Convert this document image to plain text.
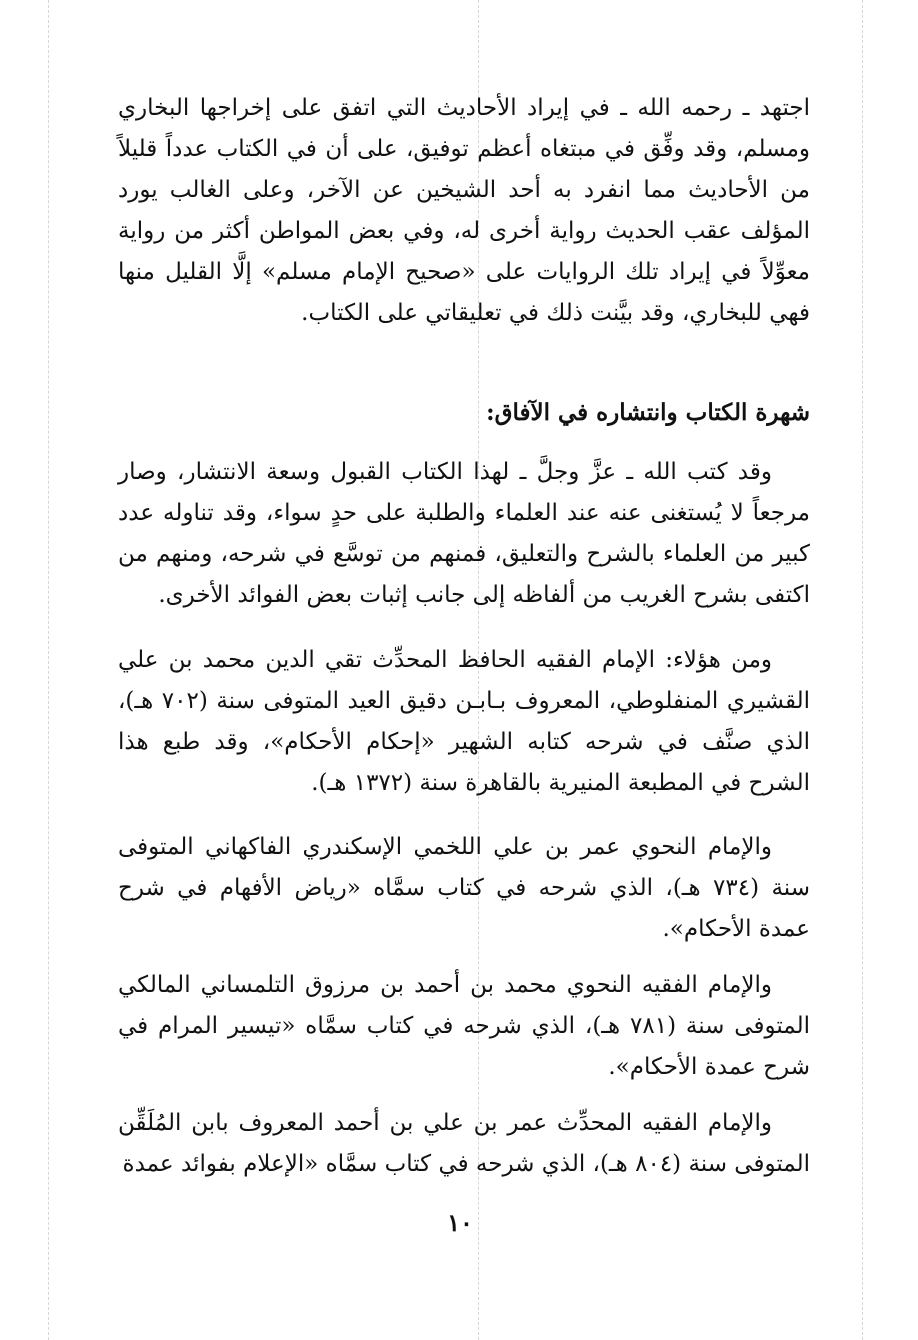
اجتهد ـ رحمه الله ـ في إيراد الأحاديث التي اتفق على إخراجها البخاري ومسلم، وقد وفِّق في مبتغاه أعظم توفيق، على أن في الكتاب عدداً قليلاً من الأحاديث مما انفرد به أحد الشيخين عن الآخر، وعلى الغالب يورد المؤلف عقب الحديث رواية أخرى له، وفي بعض المواطن أكثر من رواية معوِّلاً في إيراد تلك الروايات على «صحيح الإمام مسلم» إلَّا القليل منها فهي للبخاري، وقد بيَّنت ذلك في تعليقاتي على الكتاب.

شهرة الكتاب وانتشاره في الآفاق:

وقد كتب الله ـ عزَّ وجلَّ ـ لهذا الكتاب القبول وسعة الانتشار، وصار مرجعاً لا يُستغنى عنه عند العلماء والطلبة على حدٍ سواء، وقد تناوله عدد كبير من العلماء بالشرح والتعليق، فمنهم من توسَّع في شرحه، ومنهم من اكتفى بشرح الغريب من ألفاظه إلى جانب إثبات بعض الفوائد الأخرى.

ومن هؤلاء: الإمام الفقيه الحافظ المحدِّث تقي الدين محمد بن علي القشيري المنفلوطي، المعروف بـابـن دقيق العيد المتوفى سنة (٧٠٢ هـ)، الذي صنَّف في شرحه كتابه الشهير «إحكام الأحكام»، وقد طبع هذا الشرح في المطبعة المنيرية بالقاهرة سنة (١٣٧٢ هـ).

والإمام النحوي عمر بن علي اللخمي الإسكندري الفاكهاني المتوفى سنة (٧٣٤ هـ)، الذي شرحه في كتاب سمَّاه «رياض الأفهام في شرح عمدة الأحكام».

والإمام الفقيه النحوي محمد بن أحمد بن مرزوق التلمساني المالكي المتوفى سنة (٧٨١ هـ)، الذي شرحه في كتاب سمَّاه «تيسير المرام في شرح عمدة الأحكام».

والإمام الفقيه المحدِّث عمر بن علي بن أحمد المعروف بابن المُلَقِّن المتوفى سنة (٨٠٤ هـ)، الذي شرحه في كتاب سمَّاه «الإعلام بفوائد عمدة

١٠
